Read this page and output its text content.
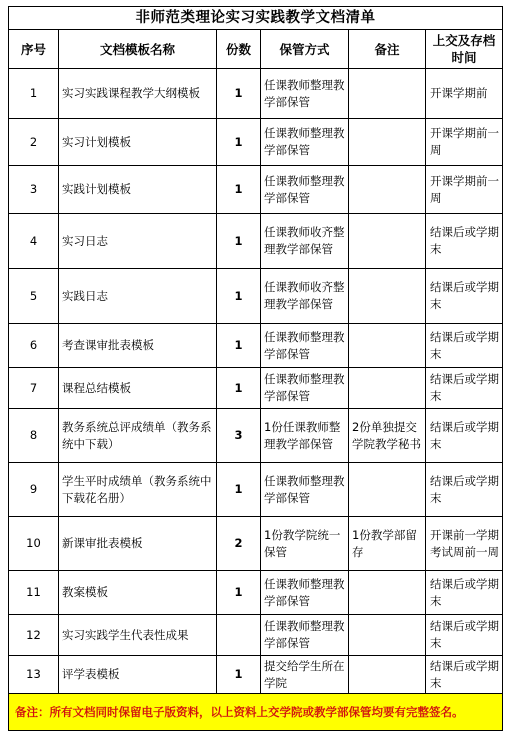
非师范类理论实习实践教学文档清单					
序号	文档模板名称	份数	保管方式	备注	上交及存档时间
1	实习实践课程教学大纲模板	1	任课教师整理教学部保管		开课学期前
2	实习计划模板	1	任课教师整理教学部保管		开课学期前一周
3	实践计划模板	1	任课教师整理教学部保管		开课学期前一周
4	实习日志	1	任课教师收齐整理教学部保管		结课后或学期末
5	实践日志	1	任课教师收齐整理教学部保管		结课后或学期末
6	考查课审批表模板	1	任课教师整理教学部保管		结课后或学期末
7	课程总结模板	1	任课教师整理教学部保管		结课后或学期末
8	教务系统总评成绩单（教务系统中下载）	3	1份任课教师整理教学部保管	2份单独提交学院教学秘书	结课后或学期末
9	学生平时成绩单（教务系统中下载花名册）	1	任课教师整理教学部保管		结课后或学期末
10	新课审批表模板	2	1份教学院统一保管	1份教学部留存	开课前一学期考试周前一周
11	教案模板	1	任课教师整理教学部保管		结课后或学期末
12	实习实践学生代表性成果		任课教师整理教学部保管		结课后或学期末
13	评学表模板	1	提交给学生所在学院		结课后或学期末
备注：所有文档同时保留电子版资料，以上资料上交学院或教学部保管均要有完整签名。					
